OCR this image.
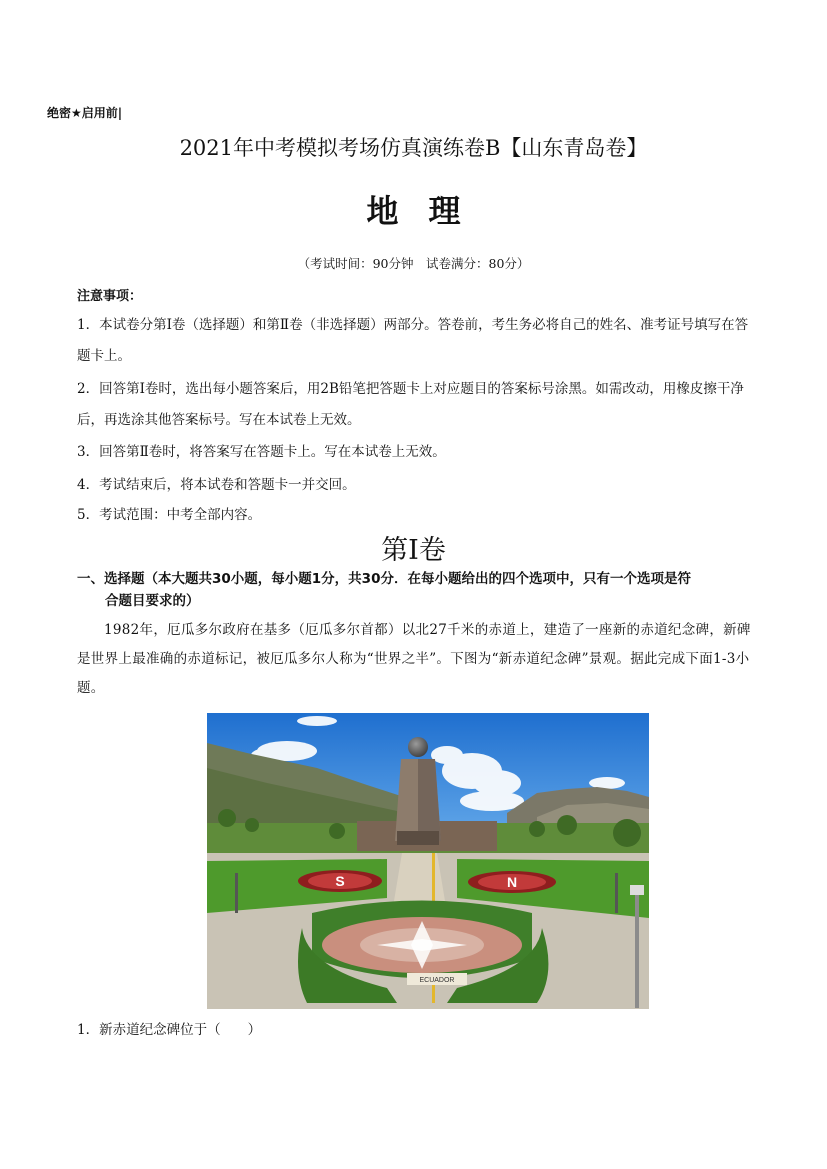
绝密★启用前|
2021年中考模拟考场仿真演练卷B【山东青岛卷】
地理
（考试时间：90分钟　试卷满分：80分）
注意事项：
1．本试卷分第Ⅰ卷（选择题）和第Ⅱ卷（非选择题）两部分。答卷前，考生务必将自己的姓名、准考证号填写在答题卡上。
2．回答第Ⅰ卷时，选出每小题答案后，用2B铅笔把答题卡上对应题目的答案标号涂黑。如需改动，用橡皮擦干净后，再选涂其他答案标号。写在本试卷上无效。
3．回答第Ⅱ卷时，将答案写在答题卡上。写在本试卷上无效。
4．考试结束后，将本试卷和答题卡一并交回。
5．考试范围：中考全部内容。
第Ⅰ卷
一、选择题（本大题共30小题，每小题1分，共30分．在每小题给出的四个选项中，只有一个选项是符
合题目要求的）
1982年，厄瓜多尔政府在基多（厄瓜多尔首都）以北27千米的赤道上，建造了一座新的赤道纪念碑，新碑是世界上最准确的赤道标记，被厄瓜多尔人称为“世界之半”。下图为“新赤道纪念碑”景观。据此完成下面1-3小题。
S	N
ECUADOR
1．新赤道纪念碑位于（　　）
